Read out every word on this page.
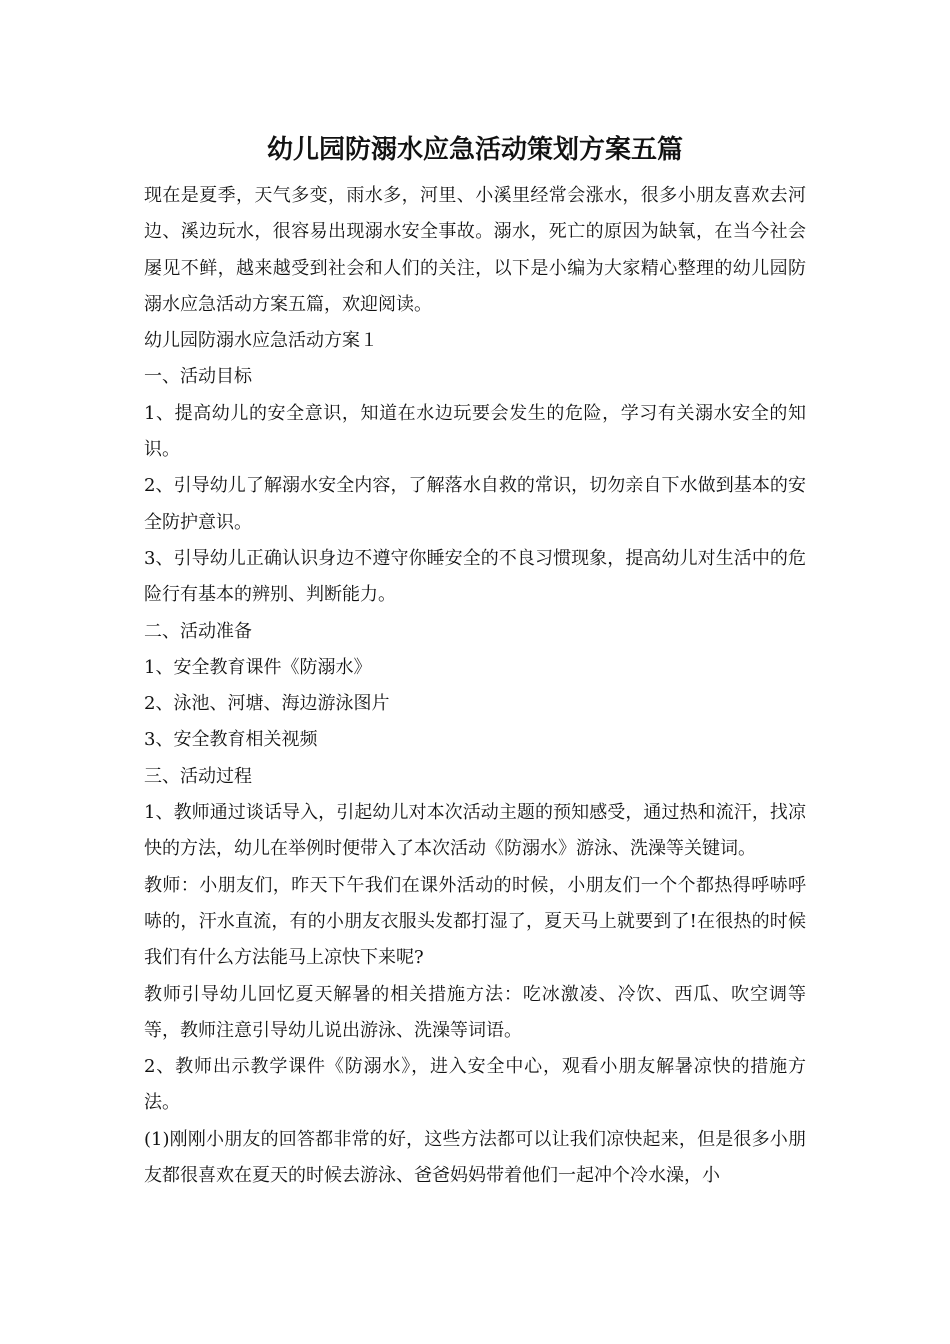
幼儿园防溺水应急活动策划方案五篇

现在是夏季，天气多变，雨水多，河里、小溪里经常会涨水，很多小朋友喜欢去河边、溪边玩水，很容易出现溺水安全事故。溺水，死亡的原因为缺氧，在当今社会屡见不鲜，越来越受到社会和人们的关注，以下是小编为大家精心整理的幼儿园防溺水应急活动方案五篇，欢迎阅读。

幼儿园防溺水应急活动方案１

一、活动目标

1、提高幼儿的安全意识，知道在水边玩要会发生的危险，学习有关溺水安全的知识。

2、引导幼儿了解溺水安全内容，了解落水自救的常识，切勿亲自下水做到基本的安全防护意识。

3、引导幼儿正确认识身边不遵守你睡安全的不良习惯现象，提高幼儿对生活中的危险行有基本的辨别、判断能力。

二、活动准备

1、安全教育课件《防溺水》

2、泳池、河塘、海边游泳图片

3、安全教育相关视频

三、活动过程

1、教师通过谈话导入，引起幼儿对本次活动主题的预知感受，通过热和流汗，找凉快的方法，幼儿在举例时便带入了本次活动《防溺水》游泳、洗澡等关键词。

教师：小朋友们，昨天下午我们在课外活动的时候，小朋友们一个个都热得呼哧呼哧的，汗水直流，有的小朋友衣服头发都打湿了，夏天马上就要到了!在很热的时候我们有什么方法能马上凉快下来呢?

教师引导幼儿回忆夏天解暑的相关措施方法：吃冰激凌、冷饮、西瓜、吹空调等等，教师注意引导幼儿说出游泳、洗澡等词语。

2、教师出示教学课件《防溺水》，进入安全中心，观看小朋友解暑凉快的措施方法。

(1)刚刚小朋友的回答都非常的好，这些方法都可以让我们凉快起来，但是很多小朋友都很喜欢在夏天的时候去游泳、爸爸妈妈带着他们一起冲个冷水澡，小
